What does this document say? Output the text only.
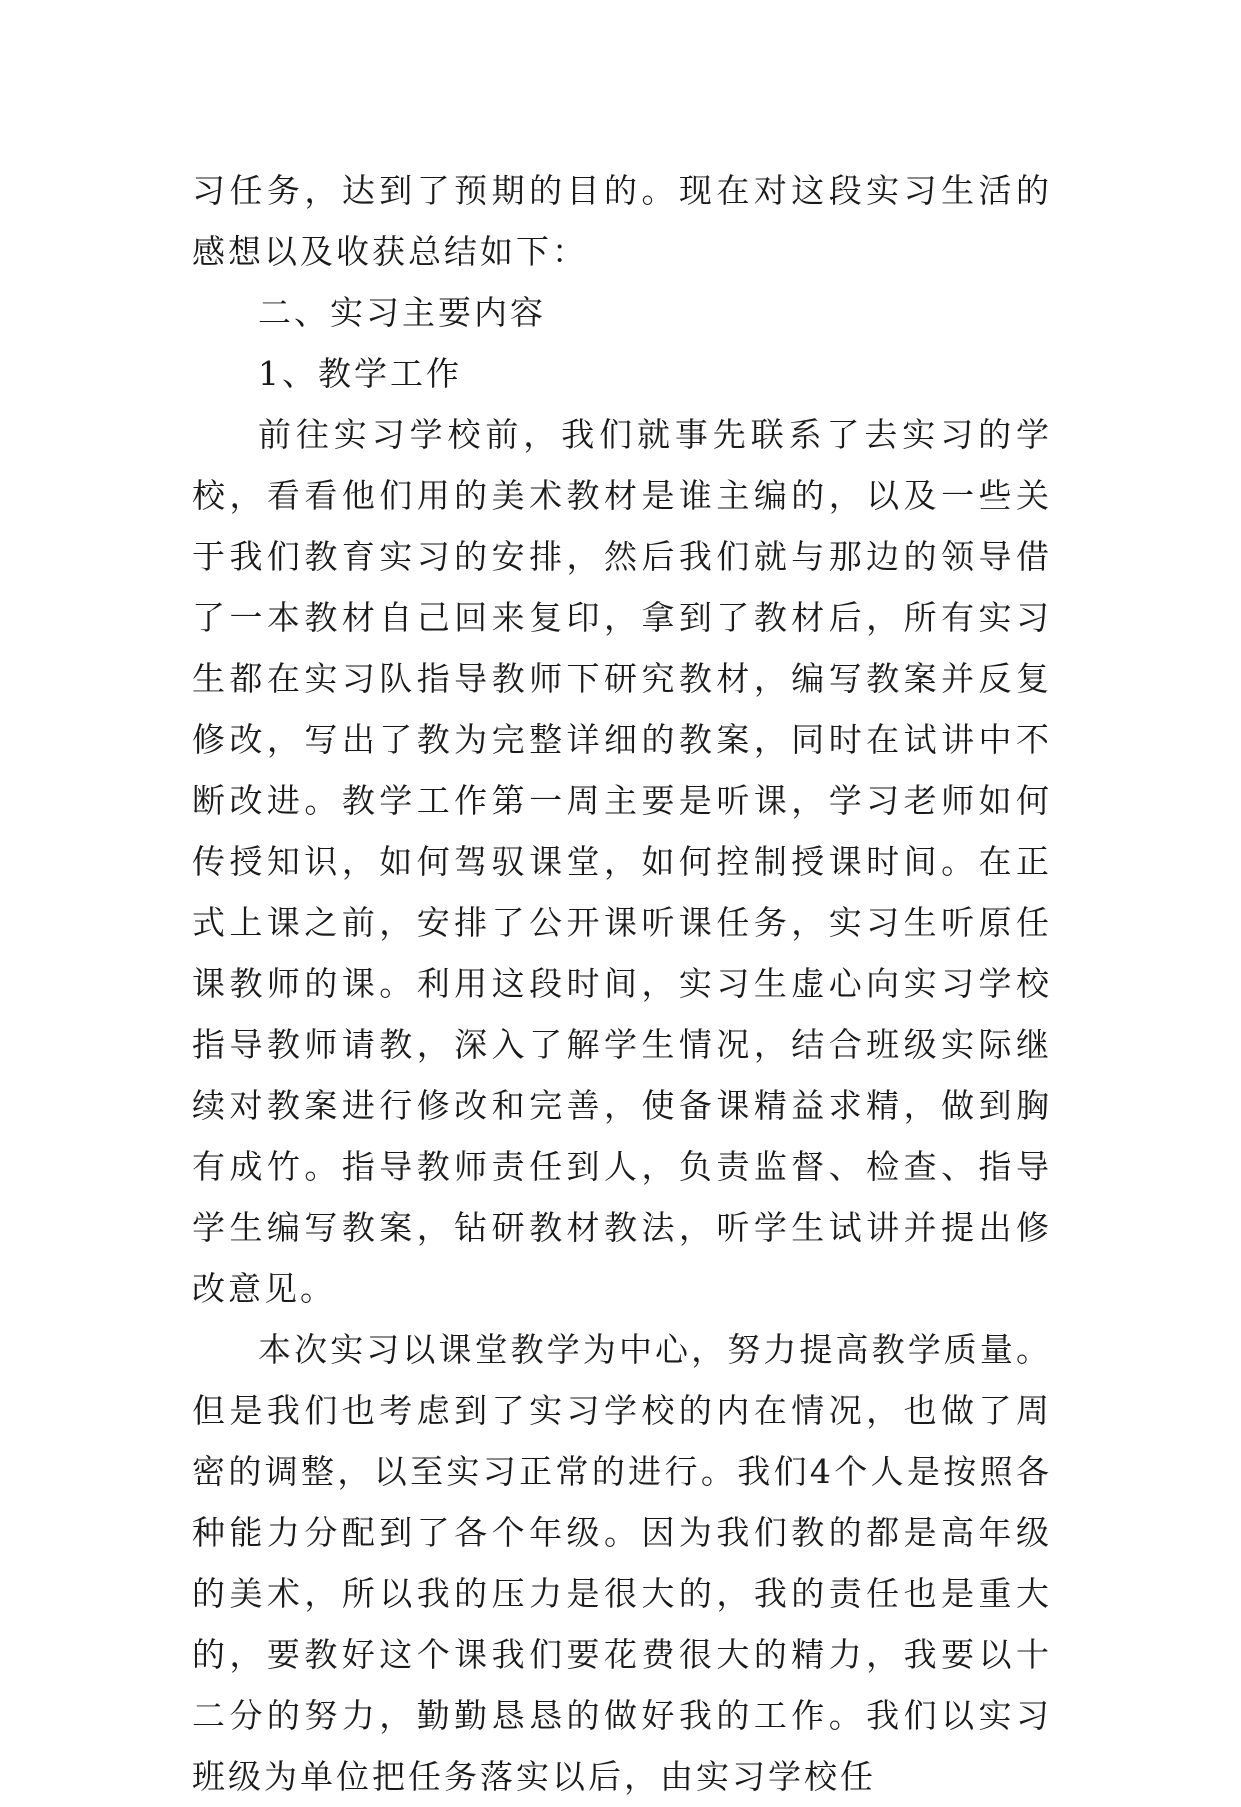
习任务，达到了预期的目的。现在对这段实习生活的感想以及收获总结如下：

二、实习主要内容

1、教学工作

前往实习学校前，我们就事先联系了去实习的学校，看看他们用的美术教材是谁主编的，以及一些关于我们教育实习的安排，然后我们就与那边的领导借了一本教材自己回来复印，拿到了教材后，所有实习生都在实习队指导教师下研究教材，编写教案并反复修改，写出了教为完整详细的教案，同时在试讲中不断改进。教学工作第一周主要是听课，学习老师如何传授知识，如何驾驭课堂，如何控制授课时间。在正式上课之前，安排了公开课听课任务，实习生听原任课教师的课。利用这段时间，实习生虚心向实习学校指导教师请教，深入了解学生情况，结合班级实际继续对教案进行修改和完善，使备课精益求精，做到胸有成竹。指导教师责任到人，负责监督、检查、指导学生编写教案，钻研教材教法，听学生试讲并提出修改意见。

本次实习以课堂教学为中心，努力提高教学质量。但是我们也考虑到了实习学校的内在情况，也做了周密的调整，以至实习正常的进行。我们4个人是按照各种能力分配到了各个年级。因为我们教的都是高年级的美术，所以我的压力是很大的，我的责任也是重大的，要教好这个课我们要花费很大的精力，我要以十二分的努力，勤勤恳恳的做好我的工作。我们以实习班级为单位把任务落实以后，由实习学校任
